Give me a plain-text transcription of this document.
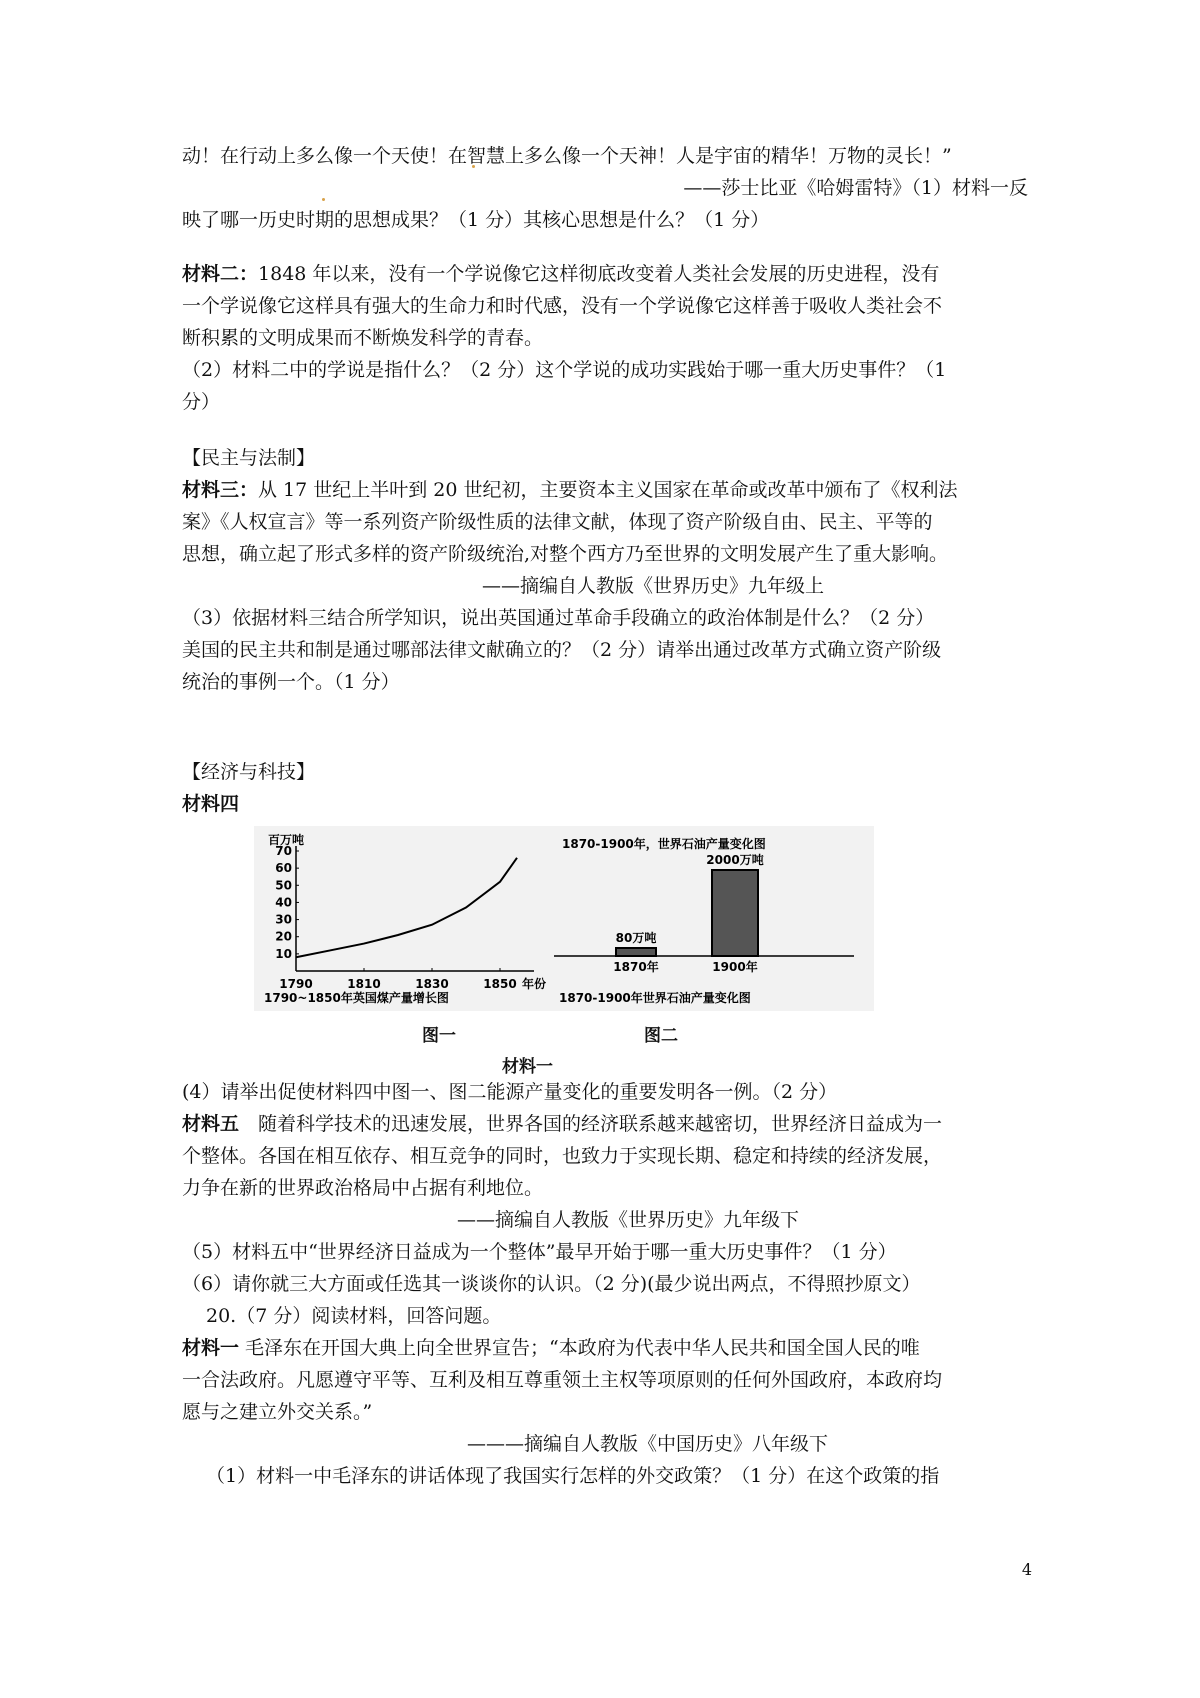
动！在行动上多么像一个天使！在智慧上多么像一个天神！人是宇宙的精华！万物的灵长！”

——莎士比亚《哈姆雷特》（1）材料一反

映了哪一历史时期的思想成果？（1 分）其核心思想是什么？（1 分）

材料二：1848 年以来，没有一个学说像它这样彻底改变着人类社会发展的历史进程，没有

一个学说像它这样具有强大的生命力和时代感，没有一个学说像它这样善于吸收人类社会不

断积累的文明成果而不断焕发科学的青春。

（2）材料二中的学说是指什么？（2 分）这个学说的成功实践始于哪一重大历史事件？（1

分）

【民主与法制】

材料三：从 17 世纪上半叶到 20 世纪初，主要资本主义国家在革命或改革中颁布了《权利法

案》《人权宣言》等一系列资产阶级性质的法律文献，体现了资产阶级自由、民主、平等的

思想，确立起了形式多样的资产阶级统治,对整个西方乃至世界的文明发展产生了重大影响。

——摘编自人教版《世界历史》九年级上

（3）依据材料三结合所学知识，说出英国通过革命手段确立的政治体制是什么？（2 分）

美国的民主共和制是通过哪部法律文献确立的？（2 分）请举出通过改革方式确立资产阶级

统治的事例一个。（1 分）

【经济与科技】

材料四

百万吨
70
60
50
40
30
20
10
1790	1810	1830	1850 年份
1790~1850年英国煤产量增长图
1870-1900年，世界石油产量变化图
80万吨
1870年
2000万吨
1900年
1870-1900年世界石油产量变化图
图一	图二
材料一

(4）请举出促使材料四中图一、图二能源产量变化的重要发明各一例。（2 分）

材料五　随着科学技术的迅速发展，世界各国的经济联系越来越密切，世界经济日益成为一

个整体。各国在相互依存、相互竞争的同时，也致力于实现长期、稳定和持续的经济发展，

力争在新的世界政治格局中占据有利地位。

——摘编自人教版《世界历史》九年级下

（5）材料五中“世界经济日益成为一个整体”最早开始于哪一重大历史事件？（1 分）

（6）请你就三大方面或任选其一谈谈你的认识。（2 分)(最少说出两点，不得照抄原文）

20.（7 分）阅读材料，回答问题。

材料一 毛泽东在开国大典上向全世界宣告；“本政府为代表中华人民共和国全国人民的唯

一合法政府。凡愿遵守平等、互利及相互尊重领土主权等项原则的任何外国政府，本政府均

愿与之建立外交关系。”

———摘编自人教版《中国历史》八年级下

（1）材料一中毛泽东的讲话体现了我国实行怎样的外交政策？（1 分）在这个政策的指

4
